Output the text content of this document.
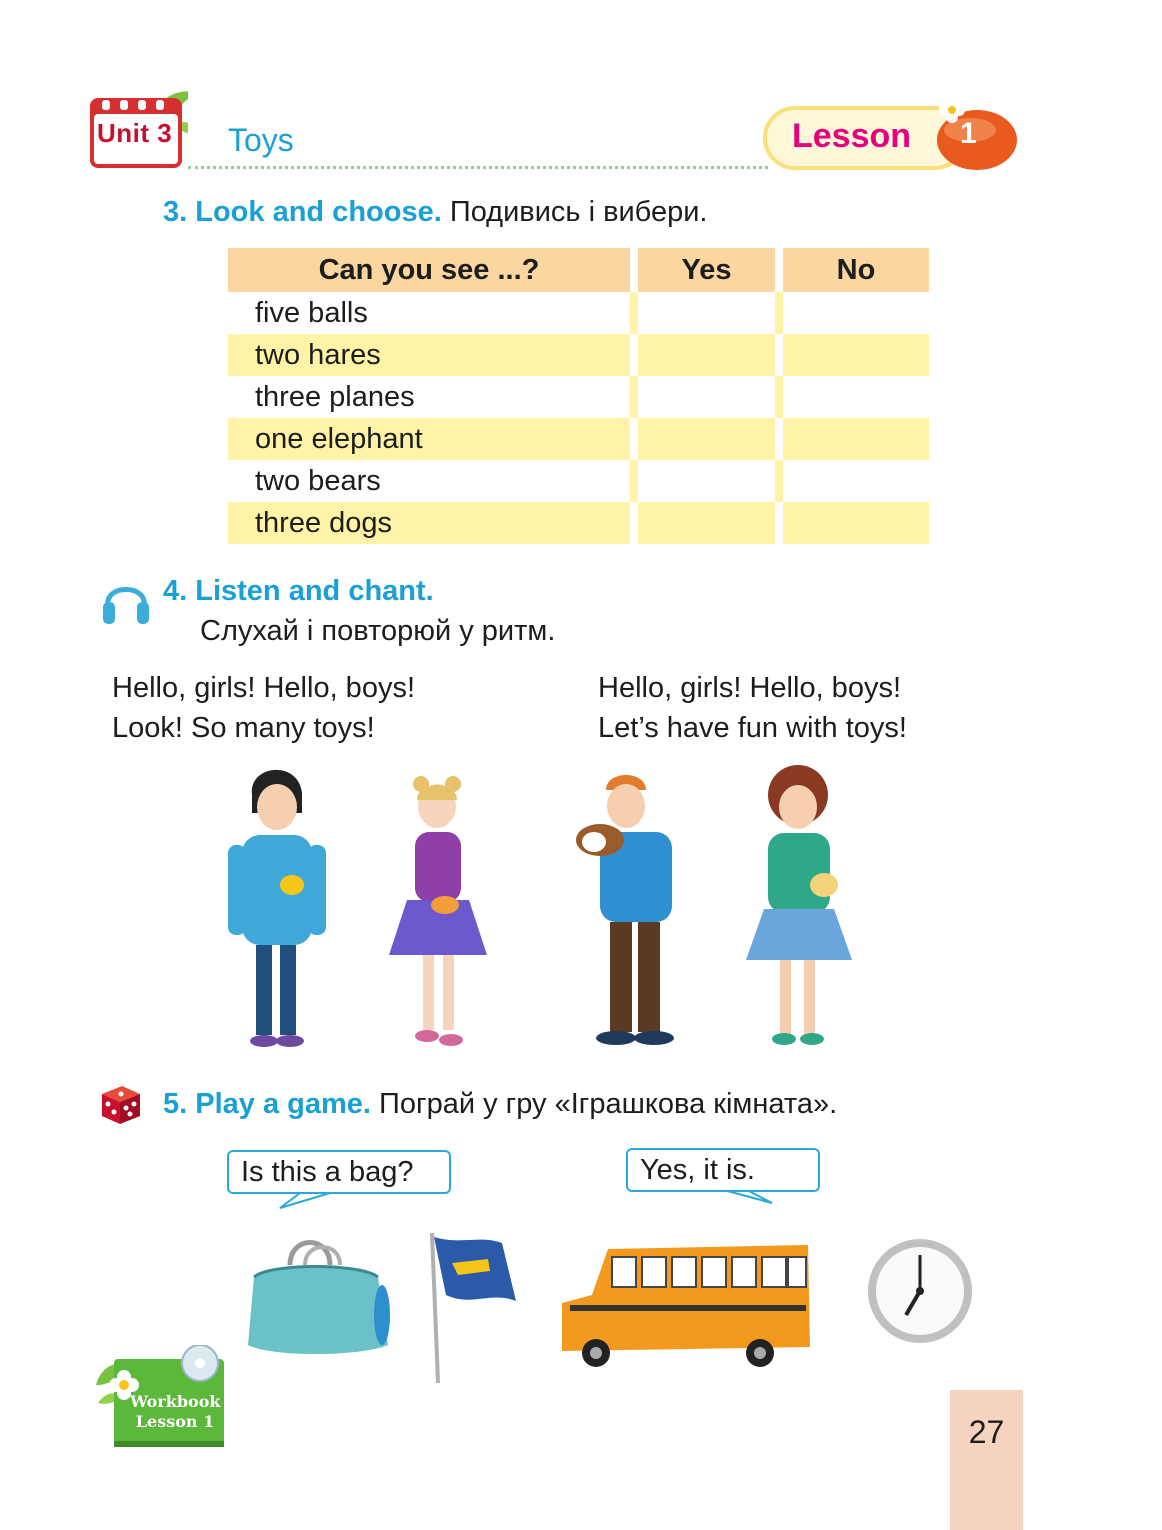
Unit 3 Toys	Lesson 1
3. Look and choose. Подивись і вибери.
Can you see ...?		Yes		No
five balls				
two hares				
three planes				
one elephant				
two bears				
three dogs				
4. Listen and chant.
Слухай і повторюй у ритм.
Hello, girls! Hello, boys!
Look! So many toys!
Hello, girls! Hello, boys!
Let’s have fun with toys!
5. Play a game. Пограй у гру «Іграшкова кімната».
Is this a bag?	Yes, it is.
Workbook
Lesson 1	27
